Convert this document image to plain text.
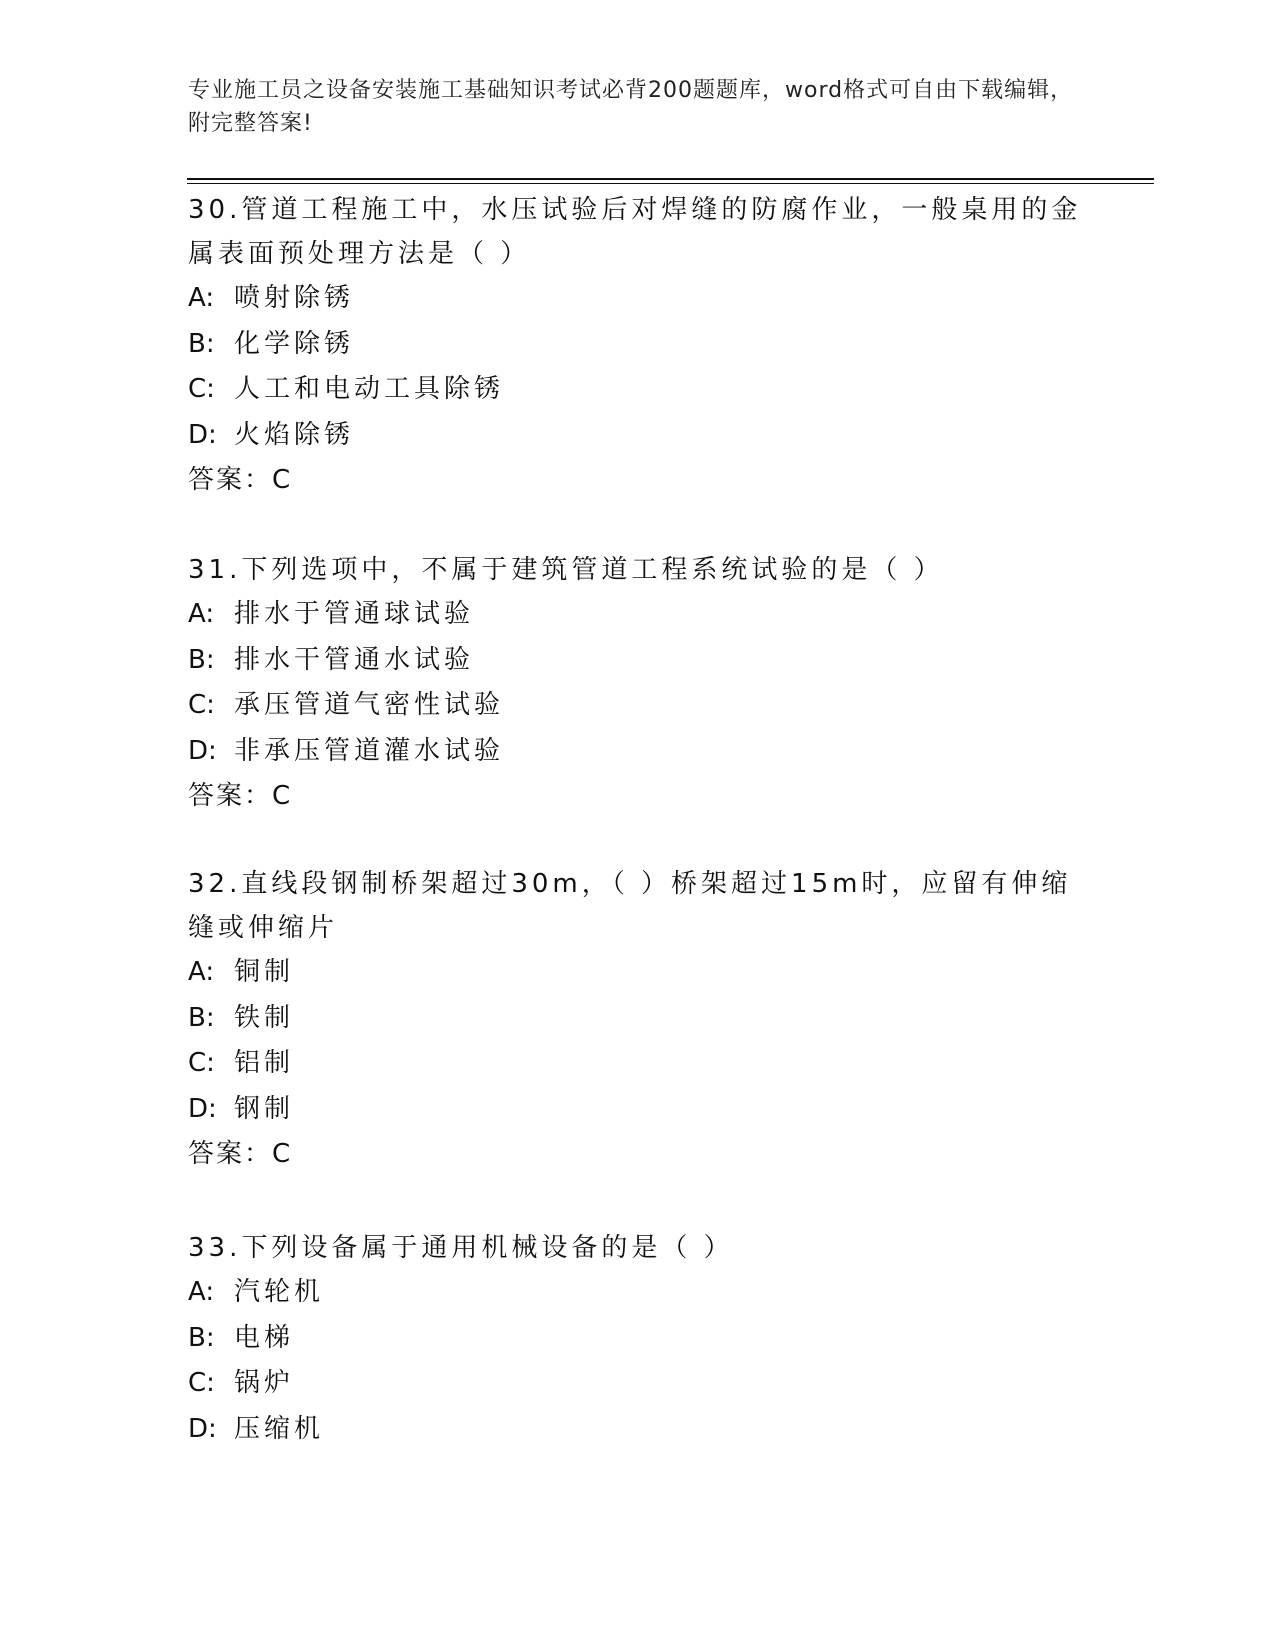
专业施工员之设备安装施工基础知识考试必背200题题库，word格式可自由下载编辑，附完整答案!

30.管道工程施工中，水压试验后对焊缝的防腐作业，一般桌用的金属表面预处理方法是（ ）

A: 喷射除锈

B: 化学除锈

C: 人工和电动工具除锈

D: 火焰除锈

答案：C

31.下列选项中，不属于建筑管道工程系统试验的是（ ）

A: 排水于管通球试验

B: 排水干管通水试验

C: 承压管道气密性试验

D: 非承压管道灌水试验

答案：C

32.直线段钢制桥架超过30m，（ ）桥架超过15m时，应留有伸缩缝或伸缩片

A: 铜制

B: 铁制

C: 铝制

D: 钢制

答案：C

33.下列设备属于通用机械设备的是（ ）

A: 汽轮机

B: 电梯

C: 锅炉

D: 压缩机
